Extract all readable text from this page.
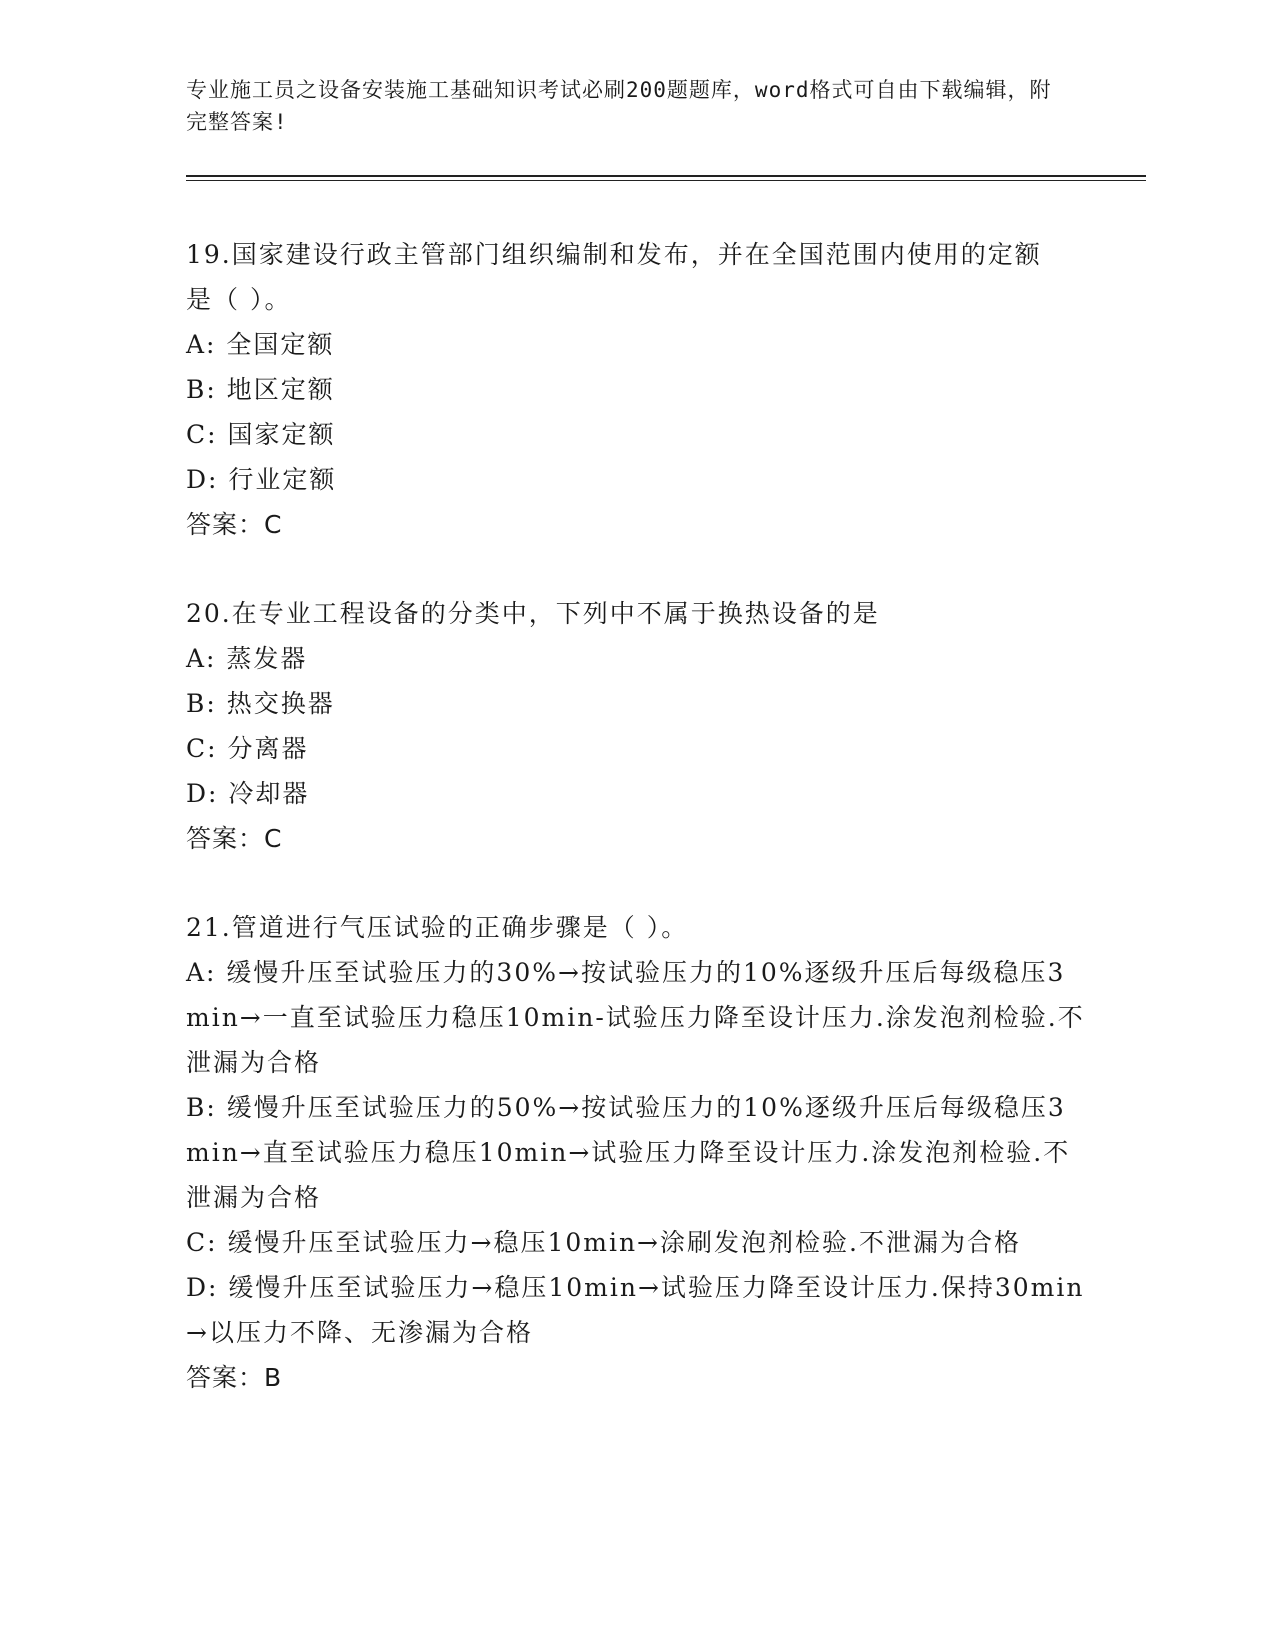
专业施工员之设备安装施工基础知识考试必刷200题题库，word格式可自由下载编辑，附完整答案!
19.国家建设行政主管部门组织编制和发布，并在全国范围内使用的定额是（ ）。
A: 全国定额
B: 地区定额
C: 国家定额
D: 行业定额
答案：C
20.在专业工程设备的分类中，下列中不属于换热设备的是
A: 蒸发器
B: 热交换器
C: 分离器
D: 冷却器
答案：C
21.管道进行气压试验的正确步骤是（ ）。
A: 缓慢升压至试验压力的30%→按试验压力的10%逐级升压后每级稳压3min→一直至试验压力稳压10min-试验压力降至设计压力.涂发泡剂检验.不泄漏为合格
B: 缓慢升压至试验压力的50%→按试验压力的10%逐级升压后每级稳压3min→直至试验压力稳压10min→试验压力降至设计压力.涂发泡剂检验.不泄漏为合格
C: 缓慢升压至试验压力→稳压10min→涂刷发泡剂检验.不泄漏为合格
D: 缓慢升压至试验压力→稳压10min→试验压力降至设计压力.保持30min→以压力不降、无渗漏为合格
答案：B
